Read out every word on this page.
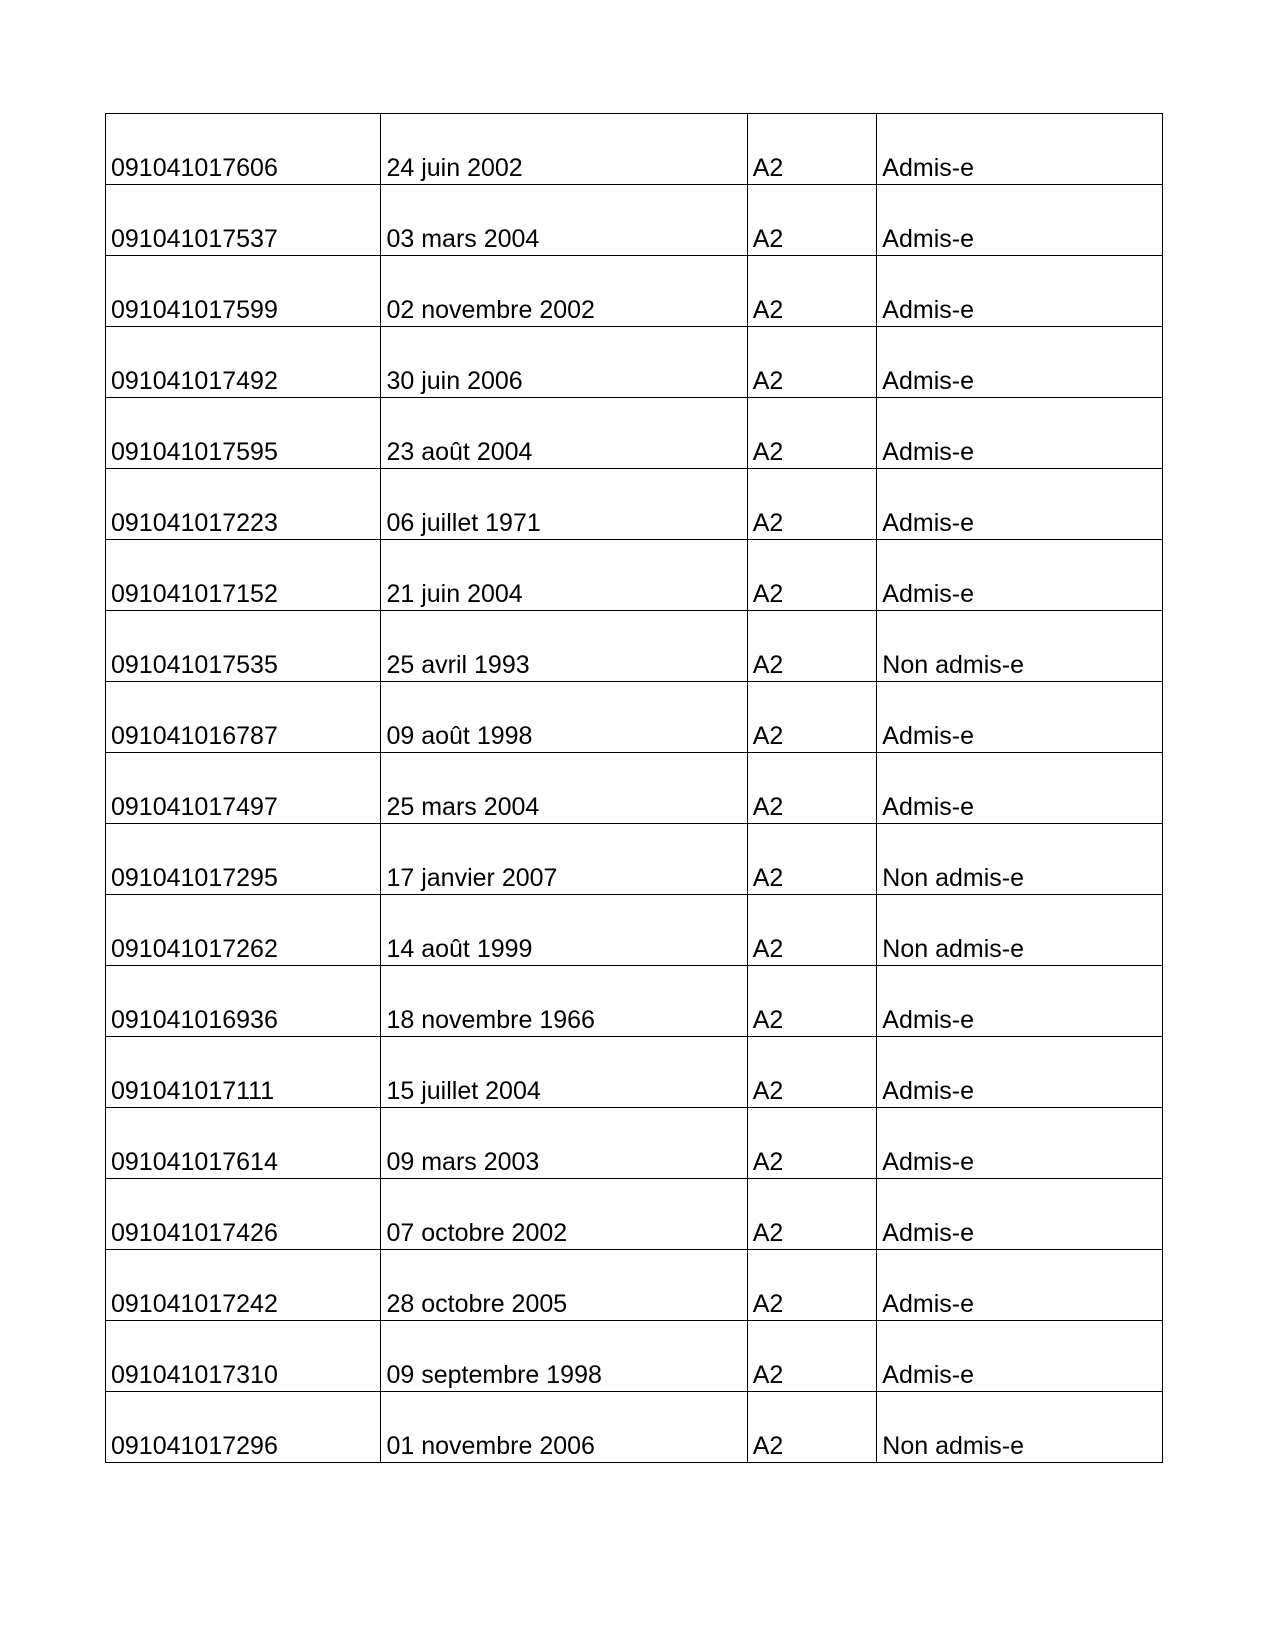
091041017606	24 juin 2002	A2	Admis-e
091041017537	03 mars 2004	A2	Admis-e
091041017599	02 novembre 2002	A2	Admis-e
091041017492	30 juin 2006	A2	Admis-e
091041017595	23 août 2004	A2	Admis-e
091041017223	06 juillet 1971	A2	Admis-e
091041017152	21 juin 2004	A2	Admis-e
091041017535	25 avril 1993	A2	Non admis-e
091041016787	09 août 1998	A2	Admis-e
091041017497	25 mars 2004	A2	Admis-e
091041017295	17 janvier 2007	A2	Non admis-e
091041017262	14 août 1999	A2	Non admis-e
091041016936	18 novembre 1966	A2	Admis-e
091041017111	15 juillet 2004	A2	Admis-e
091041017614	09 mars 2003	A2	Admis-e
091041017426	07 octobre 2002	A2	Admis-e
091041017242	28 octobre 2005	A2	Admis-e
091041017310	09 septembre 1998	A2	Admis-e
091041017296	01 novembre 2006	A2	Non admis-e
